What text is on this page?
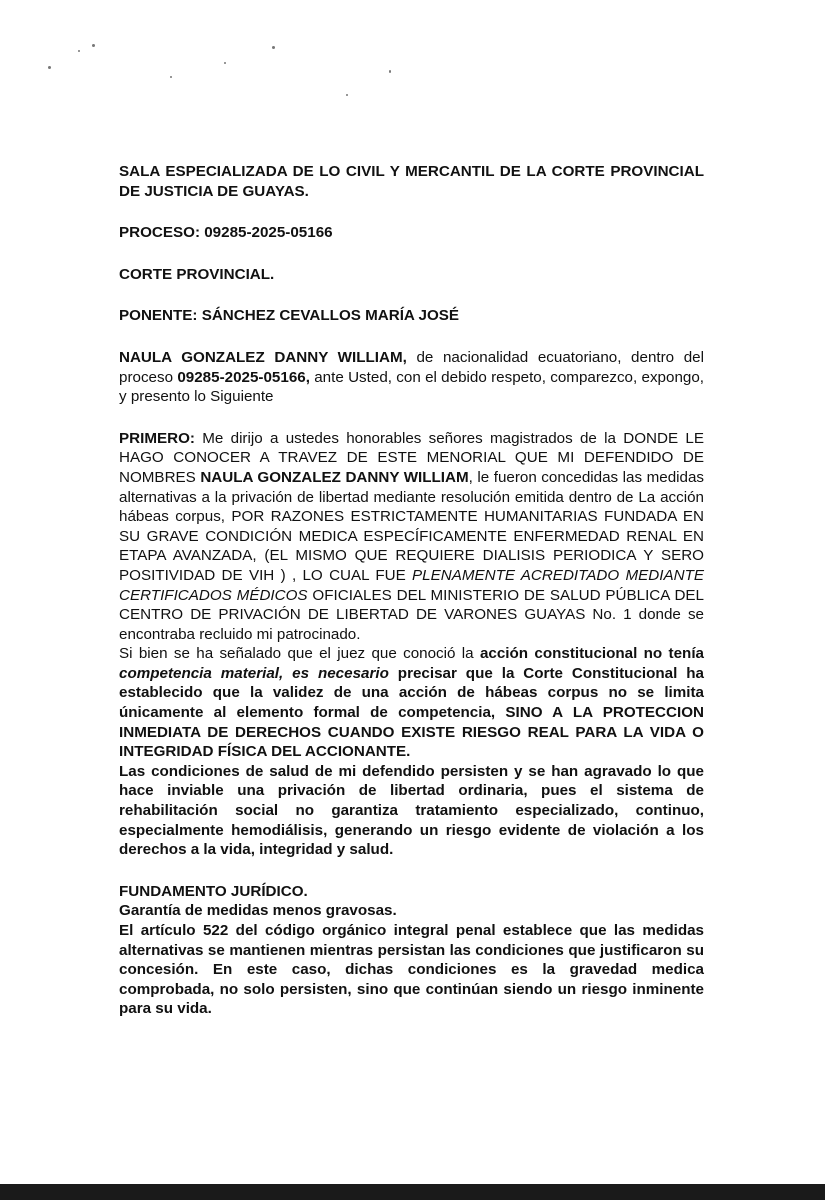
SALA ESPECIALIZADA DE LO CIVIL Y MERCANTIL DE LA CORTE PROVINCIAL DE JUSTICIA DE GUAYAS.

PROCESO: 09285-2025-05166

CORTE PROVINCIAL.

PONENTE: SÁNCHEZ CEVALLOS MARÍA JOSÉ

NAULA GONZALEZ DANNY WILLIAM, de nacionalidad ecuatoriano, dentro del proceso 09285-2025-05166, ante Usted, con el debido respeto, comparezco, expongo, y presento lo Siguiente

PRIMERO: Me dirijo a ustedes honorables señores magistrados de la DONDE LE HAGO CONOCER A TRAVEZ DE ESTE MENORIAL QUE MI DEFENDIDO DE NOMBRES NAULA GONZALEZ DANNY WILLIAM, le fueron concedidas las medidas alternativas a la privación de libertad mediante resolución emitida dentro de La acción hábeas corpus, POR RAZONES ESTRICTAMENTE HUMANITARIAS FUNDADA EN SU GRAVE CONDICIÓN MEDICA ESPECÍFICAMENTE ENFERMEDAD RENAL EN ETAPA AVANZADA, (EL MISMO QUE REQUIERE DIALISIS PERIODICA Y SERO POSITIVIDAD DE VIH ) , LO CUAL FUE PLENAMENTE ACREDITADO MEDIANTE CERTIFICADOS MÉDICOS OFICIALES DEL MINISTERIO DE SALUD PÚBLICA DEL CENTRO DE PRIVACIÓN DE LIBERTAD DE VARONES GUAYAS No. 1 donde se encontraba recluido mi patrocinado.

Si bien se ha señalado que el juez que conoció la acción constitucional no tenía competencia material, es necesario precisar que la Corte Constitucional ha establecido que la validez de una acción de hábeas corpus no se limita únicamente al elemento formal de competencia, SINO A LA PROTECCION INMEDIATA DE DERECHOS CUANDO EXISTE RIESGO REAL PARA LA VIDA O INTEGRIDAD FÍSICA DEL ACCIONANTE.

Las condiciones de salud de mi defendido persisten y se han agravado lo que hace inviable una privación de libertad ordinaria, pues el sistema de rehabilitación social no garantiza tratamiento especializado, continuo, especialmente hemodiálisis, generando un riesgo evidente de violación a los derechos a la vida, integridad y salud.

FUNDAMENTO JURÍDICO.

Garantía de medidas menos gravosas.

El artículo 522 del código orgánico integral penal establece que las medidas alternativas se mantienen mientras persistan las condiciones que justificaron su concesión. En este caso, dichas condiciones es la gravedad medica comprobada, no solo persisten, sino que continúan siendo un riesgo inminente para su vida.
